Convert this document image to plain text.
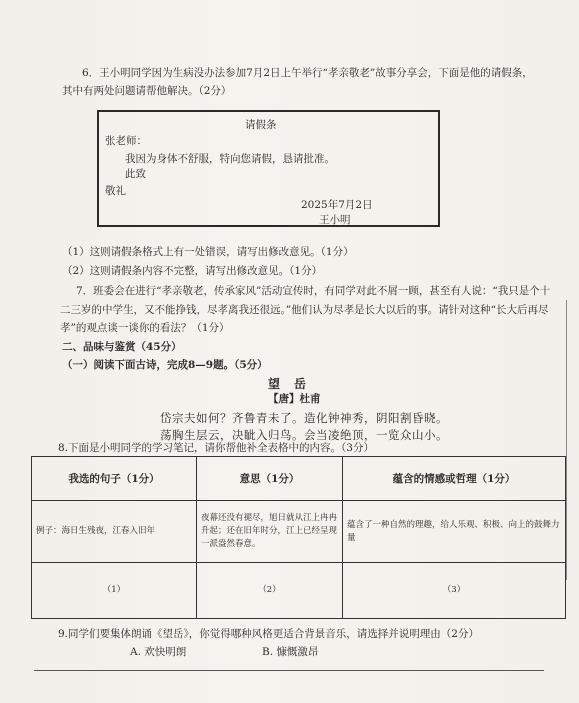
6．王小明同学因为生病没办法参加7月2日上午举行“孝亲敬老”故事分享会，下面是他的请假条，
其中有两处问题请帮他解决。（2分）
请假条
张老师：
我因为身体不舒服，特向您请假，恳请批准。
此致
敬礼
2025年7月2日
王小明
（1）这则请假条格式上有一处错误，请写出修改意见。（1分）
（2）这则请假条内容不完整，请写出修改意见。（1分）
7．班委会在进行“孝亲敬老，传承家风”活动宣传时，有同学对此不屑一顾，甚至有人说：“我只是个十
二三岁的中学生，又不能挣钱，尽孝离我还很远。”他们认为尽孝是长大以后的事。请针对这种“长大后再尽
孝”的观点谈一谈你的看法？（1分）
二、品味与鉴赏（45分）
（一）阅读下面古诗，完成8—9题。（5分）
望岳
【唐】杜甫
岱宗夫如何？齐鲁青未了。造化钟神秀，阴阳割昏晓。
荡胸生层云，决眦入归鸟。会当凌绝顶，一览众山小。
8.下面是小明同学的学习笔记，请你帮他补全表格中的内容。（3分）
我选的句子（1分）	意思（1分）	蕴含的情感或哲理（1分）
例子：海日生残夜，江春入旧年	夜幕还没有褪尽，旭日就从江上冉冉升起；还在旧年时分，江上已经呈现一派盎然春意。	蕴含了一种自然的理趣，给人乐观、积极、向上的鼓舞力量
（1）	（2）	（3）
9.同学们要集体朗诵《望岳》，你觉得哪种风格更适合背景音乐，请选择并说明理由（2分）
A. 欢快明朗	B. 慷慨激昂
